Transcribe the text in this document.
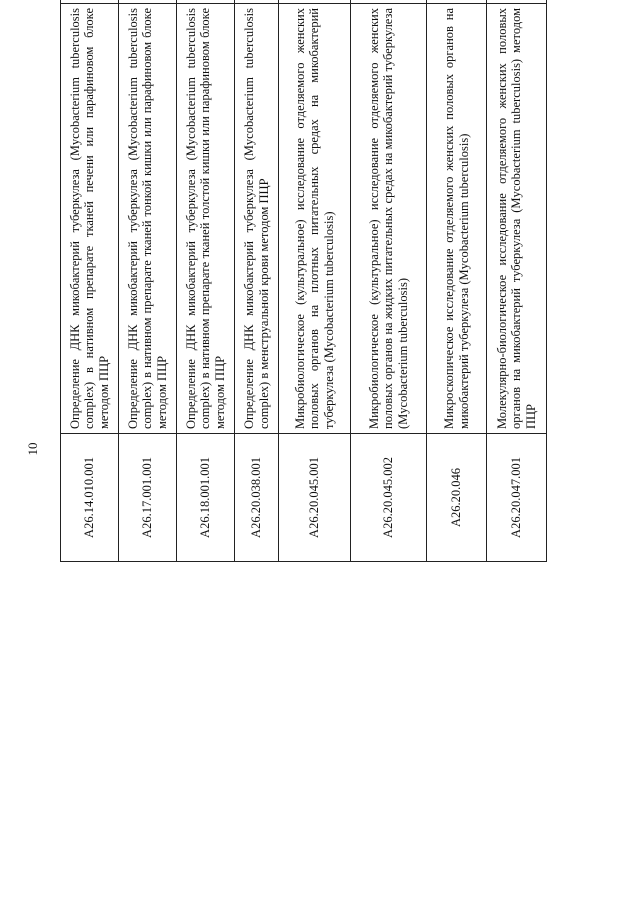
10
A26.14.010.001	Определение ДНК микобактерий туберкулеза (Mycobacterium tuberculosis complex) в нативном препарате тканей печени или парафиновом блоке методом ПЦР		
A26.17.001.001	Определение ДНК микобактерий туберкулеза (Mycobacterium tuberculosis complex) в нативном препарате тканей тонкой кишки или парафиновом блоке методом ПЦР		
A26.18.001.001	Определение ДНК микобактерий туберкулеза (Mycobacterium tuberculosis complex) в нативном препарате тканей толстой кишки или парафиновом блоке методом ПЦР		
A26.20.038.001	Определение ДНК микобактерий туберкулеза (Mycobacterium tuberculosis complex) в менструальной крови методом ПЦР		
A26.20.045.001	Микробиологическое (культуральное) исследование отделяемого женских половых органов на плотных питательных средах на микобактерий туберкулеза (Mycobacterium tuberculosis)		
A26.20.045.002	Микробиологическое (культуральное) исследование отделяемого женских половых органов на жидких питательных средах на микобактерий туберкулеза (Mycobacterium tuberculosis)		
A26.20.046	Микроскопическое исследование отделяемого женских половых органов на микобактерий туберкулеза (Mycobacterium tuberculosis)		
A26.20.047.001	Молекулярно-биологическое исследование отделяемого женских половых органов на микобактерий туберкулеза (Mycobacterium tuberculosis) методом ПЦР		
